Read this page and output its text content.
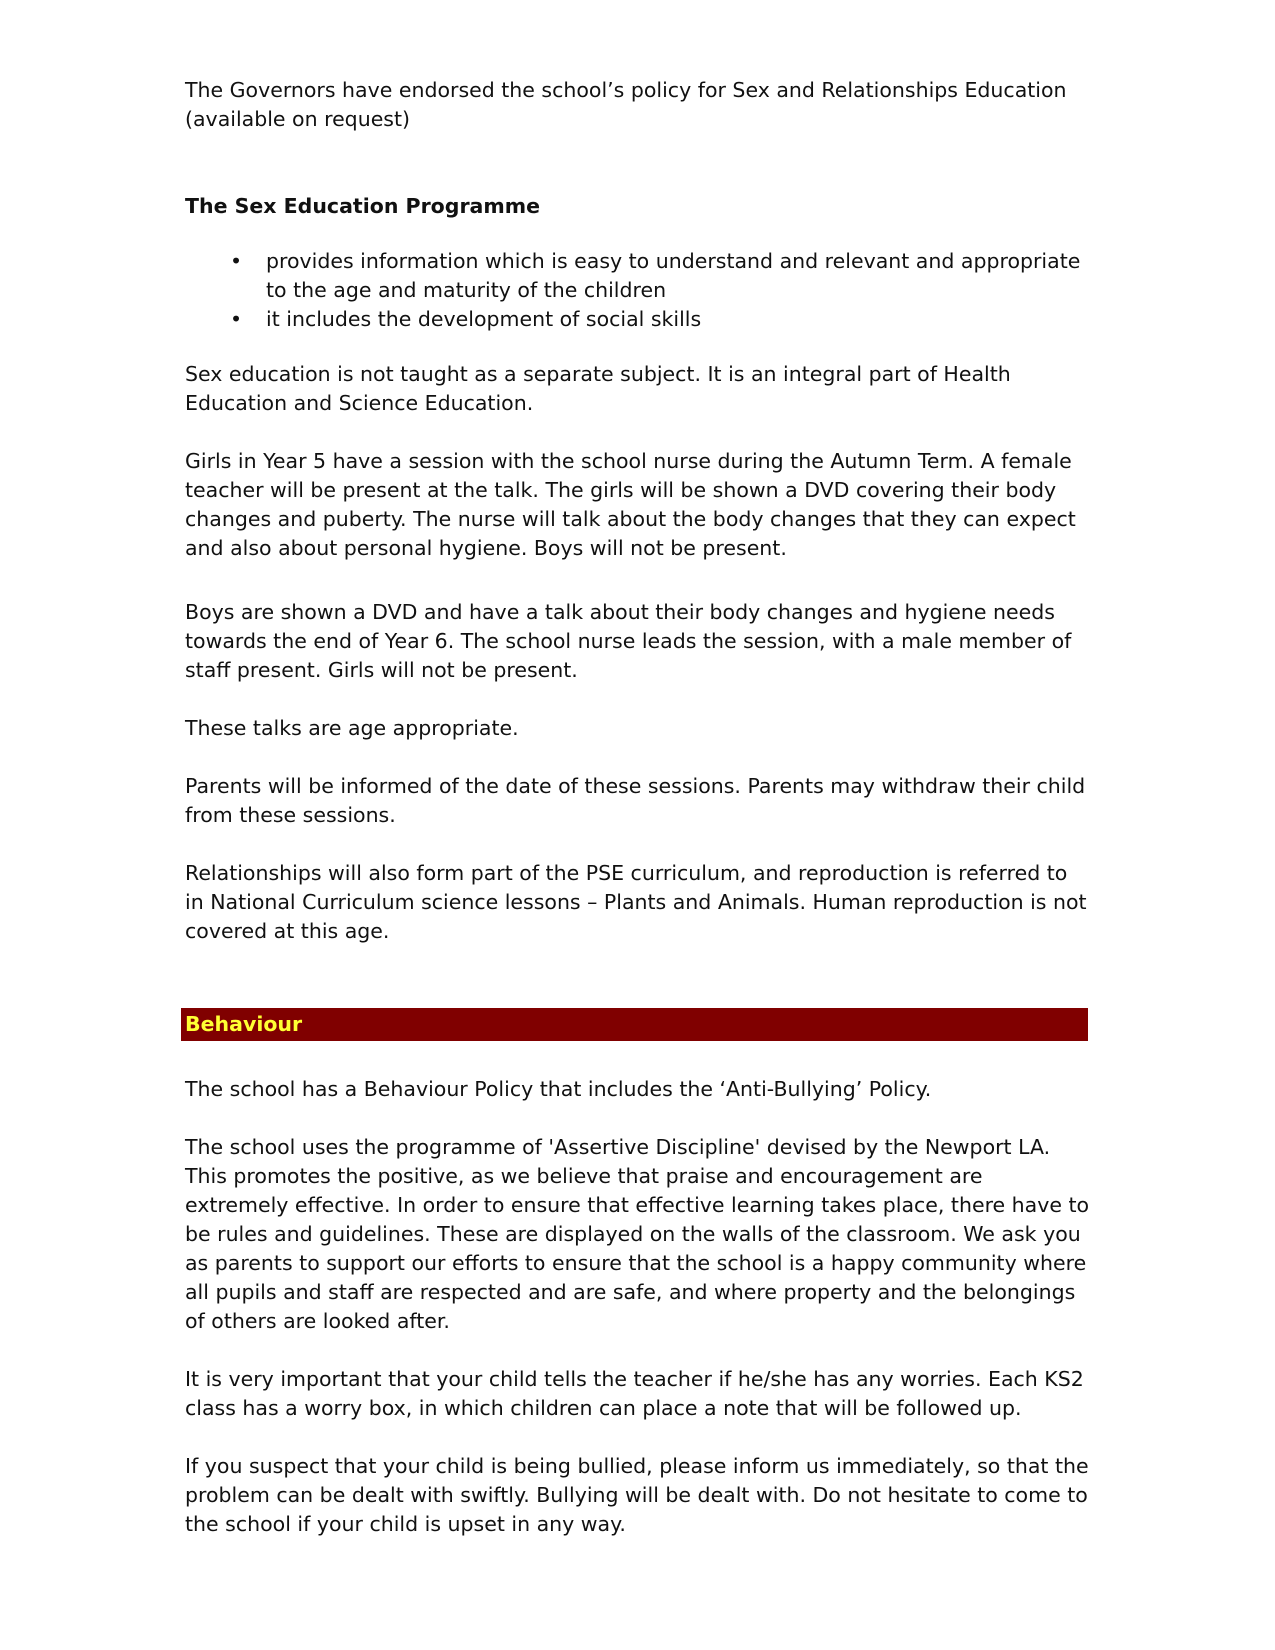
The Governors have endorsed the school’s policy for Sex and Relationships Education (available on request)

The Sex Education Programme

• provides information which is easy to understand and relevant and appropriate to the age and maturity of the children
• it includes the development of social skills

Sex education is not taught as a separate subject. It is an integral part of Health Education and Science Education.

Girls in Year 5 have a session with the school nurse during the Autumn Term. A female teacher will be present at the talk. The girls will be shown a DVD covering their body changes and puberty. The nurse will talk about the body changes that they can expect and also about personal hygiene. Boys will not be present.

Boys are shown a DVD and have a talk about their body changes and hygiene needs towards the end of Year 6. The school nurse leads the session, with a male member of staff present. Girls will not be present.

These talks are age appropriate.

Parents will be informed of the date of these sessions. Parents may withdraw their child from these sessions.

Relationships will also form part of the PSE curriculum, and reproduction is referred to in National Curriculum science lessons – Plants and Animals. Human reproduction is not covered at this age.

Behaviour

The school has a Behaviour Policy that includes the ‘Anti-Bullying’ Policy.

The school uses the programme of 'Assertive Discipline' devised by the Newport LA. This promotes the positive, as we believe that praise and encouragement are extremely effective. In order to ensure that effective learning takes place, there have to be rules and guidelines. These are displayed on the walls of the classroom. We ask you as parents to support our efforts to ensure that the school is a happy community where all pupils and staff are respected and are safe, and where property and the belongings of others are looked after.

It is very important that your child tells the teacher if he/she has any worries. Each KS2 class has a worry box, in which children can place a note that will be followed up.

If you suspect that your child is being bullied, please inform us immediately, so that the problem can be dealt with swiftly. Bullying will be dealt with. Do not hesitate to come to the school if your child is upset in any way.
